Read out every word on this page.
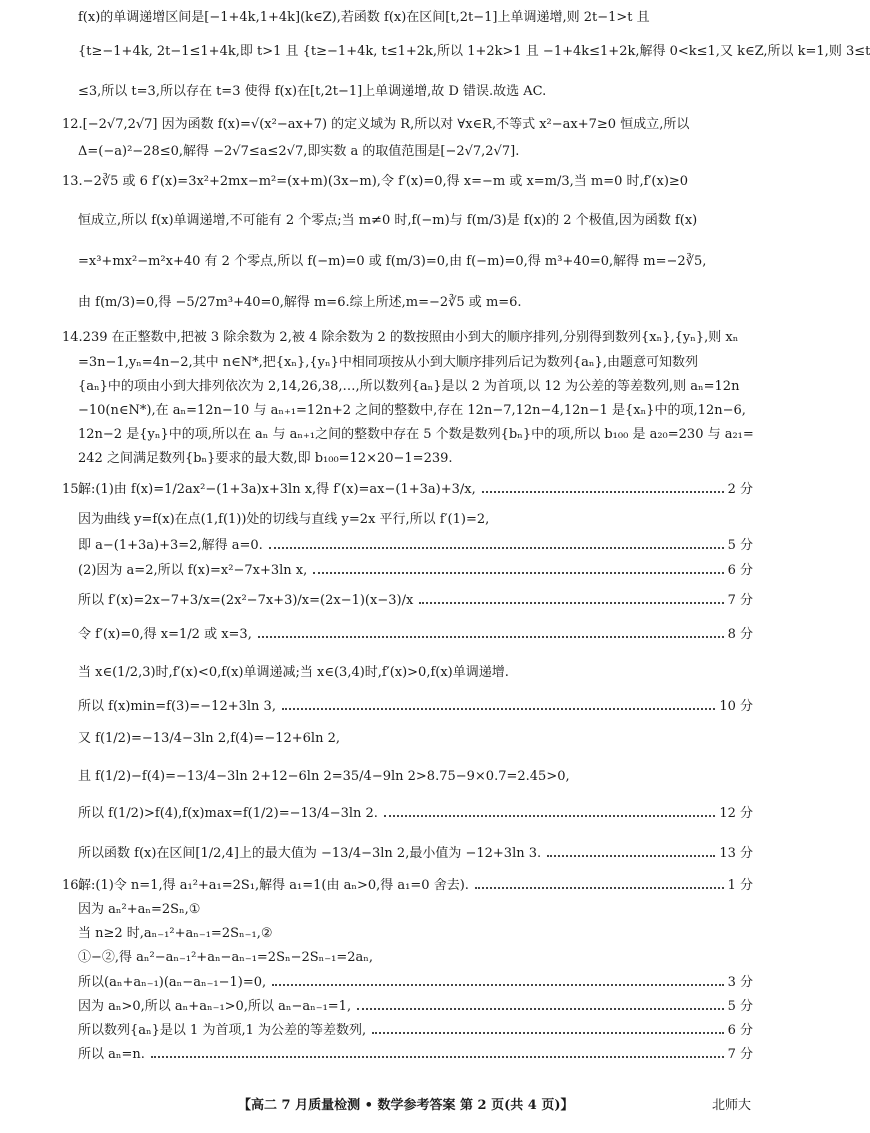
f(x)的单调递增区间是[−1+4k,1+4k](k∈Z),若函数 f(x)在区间[t,2t−1]上单调递增,则 2t−1>t 且
{t≥−1+4k, 2t−1≤1+4k,即 t>1 且 {t≥−1+4k, t≤1+2k,所以 1+2k>1 且 −1+4k≤1+2k,解得 0<k≤1,又 k∈Z,所以 k=1,则 3≤t
≤3,所以 t=3,所以存在 t=3 使得 f(x)在[t,2t−1]上单调递增,故 D 错误.故选 AC.
12.[−2√7,2√7] 因为函数 f(x)=√(x²−ax+7) 的定义域为 R,所以对 ∀x∈R,不等式 x²−ax+7≥0 恒成立,所以
Δ=(−a)²−28≤0,解得 −2√7≤a≤2√7,即实数 a 的取值范围是[−2√7,2√7].
13.−2∛5 或 6 f′(x)=3x²+2mx−m²=(x+m)(3x−m),令 f′(x)=0,得 x=−m 或 x=m/3,当 m=0 时,f′(x)≥0
恒成立,所以 f(x)单调递增,不可能有 2 个零点;当 m≠0 时,f(−m)与 f(m/3)是 f(x)的 2 个极值,因为函数 f(x)
=x³+mx²−m²x+40 有 2 个零点,所以 f(−m)=0 或 f(m/3)=0,由 f(−m)=0,得 m³+40=0,解得 m=−2∛5,
由 f(m/3)=0,得 −5/27m³+40=0,解得 m=6.综上所述,m=−2∛5 或 m=6.
14.239 在正整数中,把被 3 除余数为 2,被 4 除余数为 2 的数按照由小到大的顺序排列,分别得到数列{xₙ},{yₙ},则 xₙ
=3n−1,yₙ=4n−2,其中 n∈N*,把{xₙ},{yₙ}中相同项按从小到大顺序排列后记为数列{aₙ},由题意可知数列
{aₙ}中的项由小到大排列依次为 2,14,26,38,…,所以数列{aₙ}是以 2 为首项,以 12 为公差的等差数列,则 aₙ=12n
−10(n∈N*),在 aₙ=12n−10 与 aₙ₊₁=12n+2 之间的整数中,存在 12n−7,12n−4,12n−1 是{xₙ}中的项,12n−6,
12n−2 是{yₙ}中的项,所以在 aₙ 与 aₙ₊₁之间的整数中存在 5 个数是数列{bₙ}中的项,所以 b₁₀₀ 是 a₂₀=230 与 a₂₁=
242 之间满足数列{bₙ}要求的最大数,即 b₁₀₀=12×20−1=239.
15.
解:(1)由 f(x)=1/2ax²−(1+3a)x+3ln x,得 f′(x)=ax−(1+3a)+3/x,	2 分
因为曲线 y=f(x)在点(1,f(1))处的切线与直线 y=2x 平行,所以 f′(1)=2,
即 a−(1+3a)+3=2,解得 a=0.	5 分
(2)因为 a=2,所以 f(x)=x²−7x+3ln x,	6 分
所以 f′(x)=2x−7+3/x=(2x²−7x+3)/x=(2x−1)(x−3)/x	7 分
令 f′(x)=0,得 x=1/2 或 x=3,	8 分
当 x∈(1/2,3)时,f′(x)<0,f(x)单调递减;当 x∈(3,4)时,f′(x)>0,f(x)单调递增.
所以 f(x)min=f(3)=−12+3ln 3,	10 分
又 f(1/2)=−13/4−3ln 2,f(4)=−12+6ln 2,
且 f(1/2)−f(4)=−13/4−3ln 2+12−6ln 2=35/4−9ln 2>8.75−9×0.7=2.45>0,
所以 f(1/2)>f(4),f(x)max=f(1/2)=−13/4−3ln 2.	12 分
所以函数 f(x)在区间[1/2,4]上的最大值为 −13/4−3ln 2,最小值为 −12+3ln 3.	13 分
16.
解:(1)令 n=1,得 a₁²+a₁=2S₁,解得 a₁=1(由 aₙ>0,得 a₁=0 舍去).	1 分
因为 aₙ²+aₙ=2Sₙ,①
当 n≥2 时,aₙ₋₁²+aₙ₋₁=2Sₙ₋₁,②
①−②,得 aₙ²−aₙ₋₁²+aₙ−aₙ₋₁=2Sₙ−2Sₙ₋₁=2aₙ,
所以(aₙ+aₙ₋₁)(aₙ−aₙ₋₁−1)=0,	3 分
因为 aₙ>0,所以 aₙ+aₙ₋₁>0,所以 aₙ−aₙ₋₁=1,	5 分
所以数列{aₙ}是以 1 为首项,1 为公差的等差数列,	6 分
所以 aₙ=n.	7 分
【高二 7 月质量检测 • 数学参考答案 第 2 页(共 4 页)】	北师大
